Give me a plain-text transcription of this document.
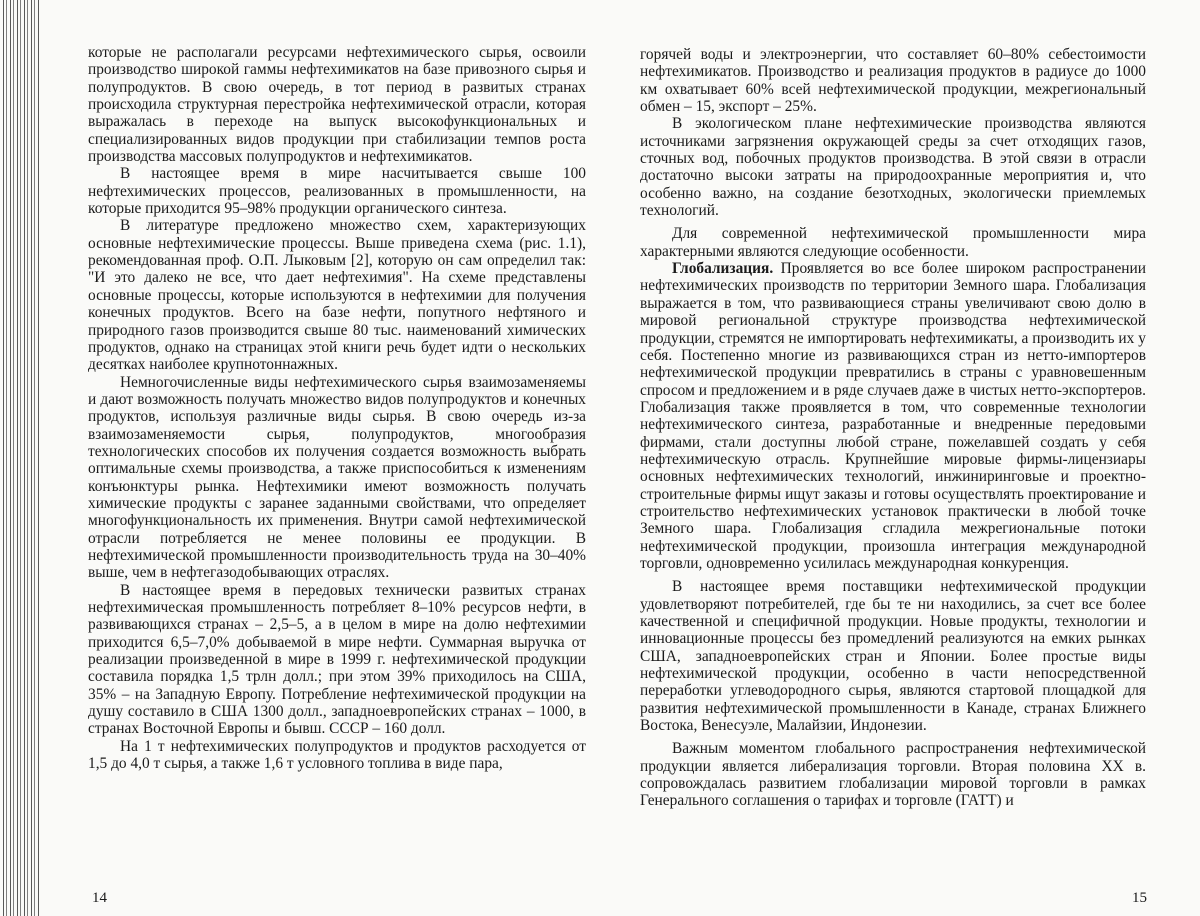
которые не располагали ресурсами нефтехимического сырья, освоили производство широкой гаммы нефтехимикатов на базе привозного сырья и полупродуктов. В свою очередь, в тот период в развитых странах происходила структурная перестройка нефтехимической отрасли, которая выражалась в переходе на выпуск высокофункциональных и специализированных видов продукции при стабилизации темпов роста производства массовых полупродуктов и нефтехимикатов.

В настоящее время в мире насчитывается свыше 100 нефтехимических процессов, реализованных в промышленности, на которые приходится 95–98% продукции органического синтеза.

В литературе предложено множество схем, характеризующих основные нефтехимические процессы. Выше приведена схема (рис. 1.1), рекомендованная проф. О.П. Лыковым [2], которую он сам определил так: "И это далеко не все, что дает нефтехимия". На схеме представлены основные процессы, которые используются в нефтехимии для получения конечных продуктов. Всего на базе нефти, попутного нефтяного и природного газов производится свыше 80 тыс. наименований химических продуктов, однако на страницах этой книги речь будет идти о нескольких десятках наиболее крупнотоннажных.

Немногочисленные виды нефтехимического сырья взаимозаменяемы и дают возможность получать множество видов полупродуктов и конечных продуктов, используя различные виды сырья. В свою очередь из-за взаимозаменяемости сырья, полупродуктов, многообразия технологических способов их получения создается возможность выбрать оптимальные схемы производства, а также приспособиться к изменениям конъюнктуры рынка. Нефтехимики имеют возможность получать химические продукты с заранее заданными свойствами, что определяет многофункциональность их применения. Внутри самой нефтехимической отрасли потребляется не менее половины ее продукции. В нефтехимической промышленности производительность труда на 30–40% выше, чем в нефтегазодобывающих отраслях.

В настоящее время в передовых технически развитых странах нефтехимическая промышленность потребляет 8–10% ресурсов нефти, в развивающихся странах – 2,5–5, а в целом в мире на долю нефтехимии приходится 6,5–7,0% добываемой в мире нефти. Суммарная выручка от реализации произведенной в мире в 1999 г. нефтехимической продукции составила порядка 1,5 трлн долл.; при этом 39% приходилось на США, 35% – на Западную Европу. Потребление нефтехимической продукции на душу составило в США 1300 долл., западноевропейских странах – 1000, в странах Восточной Европы и бывш. СССР – 160 долл.

На 1 т нефтехимических полупродуктов и продуктов расходуется от 1,5 до 4,0 т сырья, а также 1,6 т условного топлива в виде пара,

горячей воды и электроэнергии, что составляет 60–80% себестоимости нефтехимикатов. Производство и реализация продуктов в радиусе до 1000 км охватывает 60% всей нефтехимической продукции, межрегиональный обмен – 15, экспорт – 25%.

В экологическом плане нефтехимические производства являются источниками загрязнения окружающей среды за счет отходящих газов, сточных вод, побочных продуктов производства. В этой связи в отрасли достаточно высоки затраты на природоохранные мероприятия и, что особенно важно, на создание безотходных, экологически приемлемых технологий.

Для современной нефтехимической промышленности мира характерными являются следующие особенности.

Глобализация. Проявляется во все более широком распространении нефтехимических производств по территории Земного шара. Глобализация выражается в том, что развивающиеся страны увеличивают свою долю в мировой региональной структуре производства нефтехимической продукции, стремятся не импортировать нефтехимикаты, а производить их у себя. Постепенно многие из развивающихся стран из нетто-импортеров нефтехимической продукции превратились в страны с уравновешенным спросом и предложением и в ряде случаев даже в чистых нетто-экспортеров. Глобализация также проявляется в том, что современные технологии нефтехимического синтеза, разработанные и внедренные передовыми фирмами, стали доступны любой стране, пожелавшей создать у себя нефтехимическую отрасль. Крупнейшие мировые фирмы-лицензиары основных нефтехимических технологий, инжиниринговые и проектно-строительные фирмы ищут заказы и готовы осуществлять проектирование и строительство нефтехимических установок практически в любой точке Земного шара. Глобализация сгладила межрегиональные потоки нефтехимической продукции, произошла интеграция международной торговли, одновременно усилилась международная конкуренция.

В настоящее время поставщики нефтехимической продукции удовлетворяют потребителей, где бы те ни находились, за счет все более качественной и специфичной продукции. Новые продукты, технологии и инновационные процессы без промедлений реализуются на емких рынках США, западноевропейских стран и Японии. Более простые виды нефтехимической продукции, особенно в части непосредственной переработки углеводородного сырья, являются стартовой площадкой для развития нефтехимической промышленности в Канаде, странах Ближнего Востока, Венесуэле, Малайзии, Индонезии.

Важным моментом глобального распространения нефтехимической продукции является либерализация торговли. Вторая половина XX в. сопровождалась развитием глобализации мировой торговли в рамках Генерального соглашения о тарифах и торговле (ГАТТ) и

14	15
